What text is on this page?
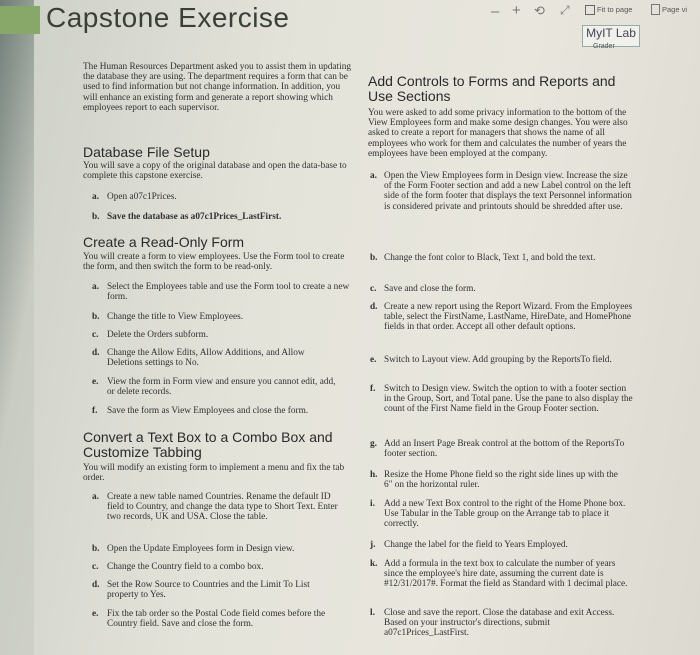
Capstone Exercise	– + ⟲ ⤢	Fit to page	Page vi
MyIT Lab
Grader
The Human Resources Department asked you to assist them in updating the database they are using. The department requires a form that can be used to find information but not change information. In addition, you will enhance an existing form and generate a report showing which employees report to each supervisor.
Database File Setup
You will save a copy of the original database and open the data-base to complete this capstone exercise.
a. Open a07c1Prices.
b. Save the database as a07c1Prices_LastFirst.
Create a Read-Only Form
You will create a form to view employees. Use the Form tool to create the form, and then switch the form to be read-only.
a. Select the Employees table and use the Form tool to create a new form.
b. Change the title to View Employees.
c. Delete the Orders subform.
d. Change the Allow Edits, Allow Additions, and Allow Deletions settings to No.
e. View the form in Form view and ensure you cannot edit, add, or delete records.
f. Save the form as View Employees and close the form.
Convert a Text Box to a Combo Box and Customize Tabbing
You will modify an existing form to implement a menu and fix the tab order.
a. Create a new table named Countries. Rename the default ID field to Country, and change the data type to Short Text. Enter two records, UK and USA. Close the table.
b. Open the Update Employees form in Design view.
c. Change the Country field to a combo box.
d. Set the Row Source to Countries and the Limit To List property to Yes.
e. Fix the tab order so the Postal Code field comes before the Country field. Save and close the form.
Add Controls to Forms and Reports and Use Sections
You were asked to add some privacy information to the bottom of the View Employees form and make some design changes. You were also asked to create a report for managers that shows the name of all employees who work for them and calculates the number of years the employees have been employed at the company.
a. Open the View Employees form in Design view. Increase the size of the Form Footer section and add a new Label control on the left side of the form footer that displays the text Personnel information is considered private and printouts should be shredded after use.
b. Change the font color to Black, Text 1, and bold the text.
c. Save and close the form.
d. Create a new report using the Report Wizard. From the Employees table, select the FirstName, LastName, HireDate, and HomePhone fields in that order. Accept all other default options.
e. Switch to Layout view. Add grouping by the ReportsTo field.
f. Switch to Design view. Switch the option to with a footer section in the Group, Sort, and Total pane. Use the pane to also display the count of the First Name field in the Group Footer section.
g. Add an Insert Page Break control at the bottom of the ReportsTo footer section.
h. Resize the Home Phone field so the right side lines up with the 6" on the horizontal ruler.
i. Add a new Text Box control to the right of the Home Phone box. Use Tabular in the Table group on the Arrange tab to place it correctly.
j. Change the label for the field to Years Employed.
k. Add a formula in the text box to calculate the number of years since the employee's hire date, assuming the current date is #12/31/2017#. Format the field as Standard with 1 decimal place.
l. Close and save the report. Close the database and exit Access. Based on your instructor's directions, submit a07c1Prices_LastFirst.
